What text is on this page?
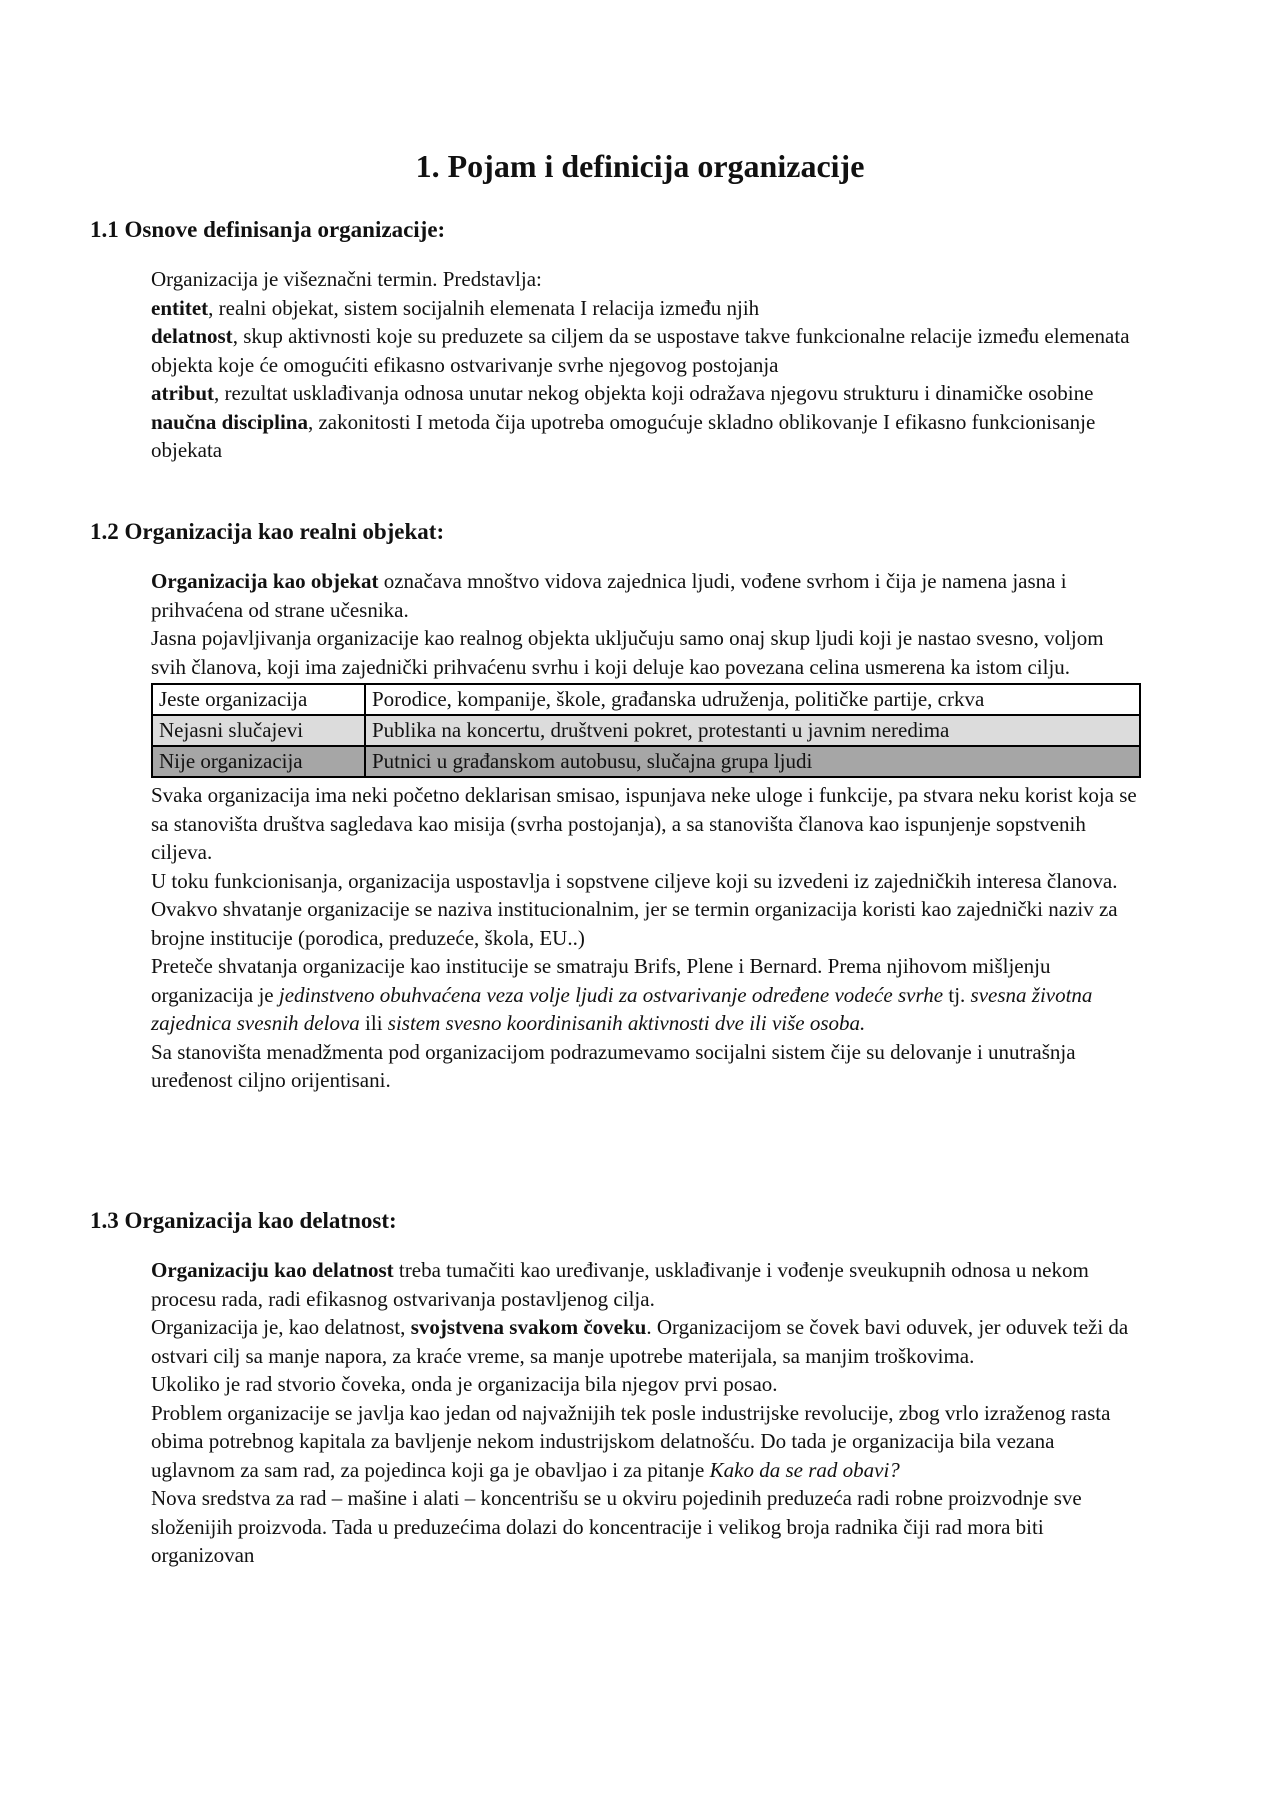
1. Pojam i definicija organizacije
1.1 Osnove definisanja organizacije:

Organizacija je višeznačni termin. Predstavlja:

entitet, realni objekat, sistem socijalnih elemenata I relacija između njih

delatnost, skup aktivnosti koje su preduzete sa ciljem da se uspostave takve funkcionalne relacije između elemenata objekta koje će omogućiti efikasno ostvarivanje svrhe njegovog postojanja

atribut, rezultat usklađivanja odnosa unutar nekog objekta koji odražava njegovu strukturu i dinamičke osobine

naučna disciplina, zakonitosti I metoda čija upotreba omogućuje skladno oblikovanje I efikasno funkcionisanje objekata

1.2 Organizacija kao realni objekat:

Organizacija kao objekat označava mnoštvo vidova zajednica ljudi, vođene svrhom i čija je namena jasna i prihvaćena od strane učesnika.

Jasna pojavljivanja organizacije kao realnog objekta uključuju samo onaj skup ljudi koji je nastao svesno, voljom svih članova, koji ima zajednički prihvaćenu svrhu i koji deluje kao povezana celina usmerena ka istom cilju.

Jeste organizacija	Porodice, kompanije, škole, građanska udruženja, političke partije, crkva
Nejasni slučajevi	Publika na koncertu, društveni pokret, protestanti u javnim neredima
Nije organizacija	Putnici u građanskom autobusu, slučajna grupa ljudi

Svaka organizacija ima neki početno deklarisan smisao, ispunjava neke uloge i funkcije, pa stvara neku korist koja se sa stanovišta društva sagledava kao misija (svrha postojanja), a sa stanovišta članova kao ispunjenje sopstvenih ciljeva.

U toku funkcionisanja, organizacija uspostavlja i sopstvene ciljeve koji su izvedeni iz zajedničkih interesa članova.

Ovakvo shvatanje organizacije se naziva institucionalnim, jer se termin organizacija koristi kao zajednički naziv za brojne institucije (porodica, preduzeće, škola, EU..)

Preteče shvatanja organizacije kao institucije se smatraju Brifs, Plene i Bernard. Prema njihovom mišljenju organizacija je jedinstveno obuhvaćena veza volje ljudi za ostvarivanje određene vodeće svrhe tj. svesna životna zajednica svesnih delova ili sistem svesno koordinisanih aktivnosti dve ili više osoba.

Sa stanovišta menadžmenta pod organizacijom podrazumevamo socijalni sistem čije su delovanje i unutrašnja uređenost ciljno orijentisani.

1.3 Organizacija kao delatnost:

Organizaciju kao delatnost treba tumačiti kao uređivanje, usklađivanje i vođenje sveukupnih odnosa u nekom procesu rada, radi efikasnog ostvarivanja postavljenog cilja.

Organizacija je, kao delatnost, svojstvena svakom čoveku. Organizacijom se čovek bavi oduvek, jer oduvek teži da ostvari cilj sa manje napora, za kraće vreme, sa manje upotrebe materijala, sa manjim troškovima.

Ukoliko je rad stvorio čoveka, onda je organizacija bila njegov prvi posao.

Problem organizacije se javlja kao jedan od najvažnijih tek posle industrijske revolucije, zbog vrlo izraženog rasta obima potrebnog kapitala za bavljenje nekom industrijskom delatnošću. Do tada je organizacija bila vezana uglavnom za sam rad, za pojedinca koji ga je obavljao i za pitanje Kako da se rad obavi?

Nova sredstva za rad – mašine i alati – koncentrišu se u okviru pojedinih preduzeća radi robne proizvodnje sve složenijih proizvoda. Tada u preduzećima dolazi do koncentracije i velikog broja radnika čiji rad mora biti organizovan
